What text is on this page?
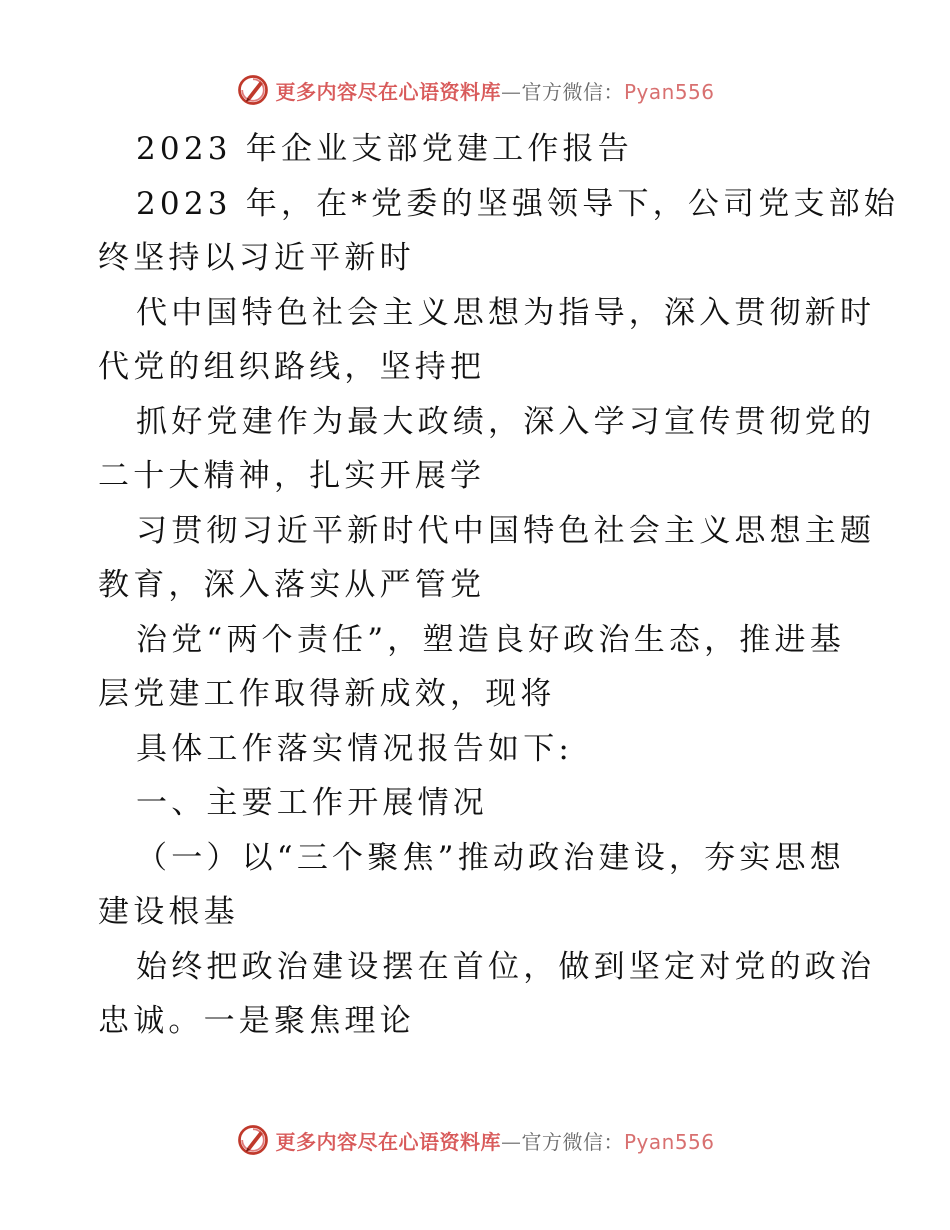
更多内容尽在心语资料库—官方微信：Pyan556
2023 年企业支部党建工作报告
2023 年，在*党委的坚强领导下，公司党支部始
终坚持以习近平新时
代中国特色社会主义思想为指导，深入贯彻新时
代党的组织路线，坚持把
抓好党建作为最大政绩，深入学习宣传贯彻党的
二十大精神，扎实开展学
习贯彻习近平新时代中国特色社会主义思想主题
教育，深入落实从严管党
治党“两个责任”，塑造良好政治生态，推进基
层党建工作取得新成效，现将
具体工作落实情况报告如下:
一、主要工作开展情况
（一）以“三个聚焦”推动政治建设，夯实思想
建设根基
始终把政治建设摆在首位，做到坚定对党的政治
忠诚。一是聚焦理论
更多内容尽在心语资料库—官方微信：Pyan556
